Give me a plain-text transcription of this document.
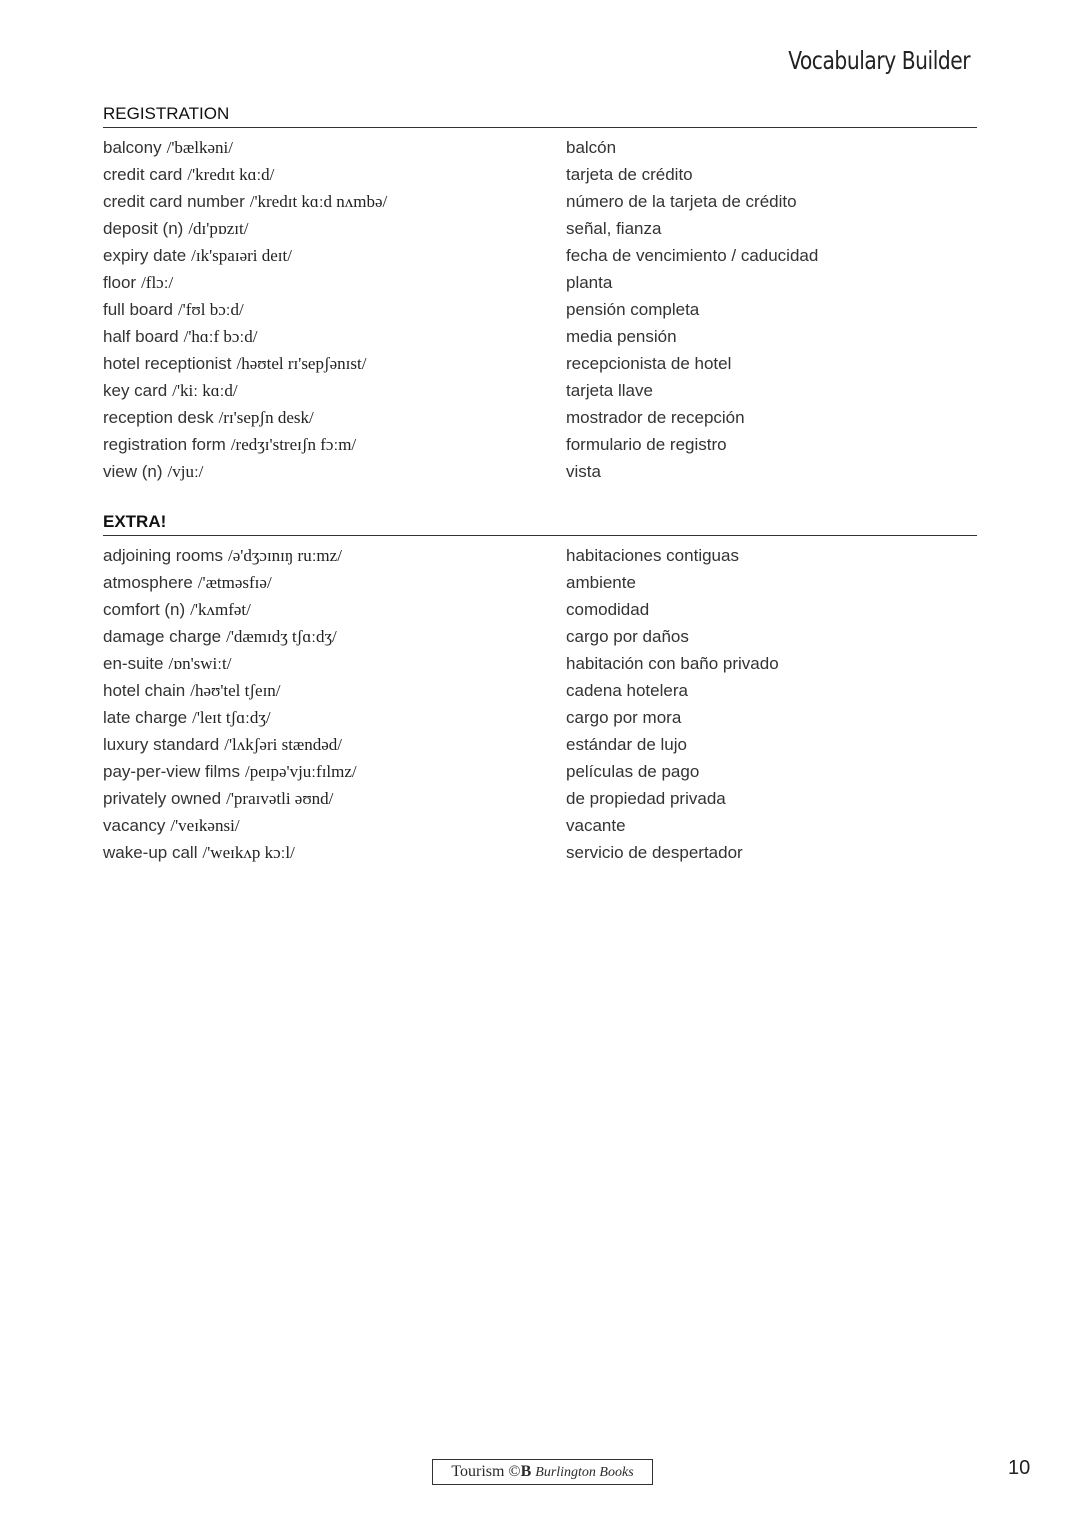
Vocabulary Builder
REGISTRATION
balcony /'bælkəni/	balcón
credit card /'kredɪt kɑːd/	tarjeta de crédito
credit card number /'kredɪt kɑːd nʌmbə/	número de la tarjeta de crédito
deposit (n) /dɪ'pɒzɪt/	señal, fianza
expiry date /ɪk'spaɪəri deɪt/	fecha de vencimiento / caducidad
floor /flɔː/	planta
full board /'fʊl bɔːd/	pensión completa
half board /'hɑːf bɔːd/	media pensión
hotel receptionist /həʊtel rɪ'sepʃənɪst/	recepcionista de hotel
key card /'kiː kɑːd/	tarjeta llave
reception desk /rɪ'sepʃn desk/	mostrador de recepción
registration form /redʒɪ'streɪʃn fɔːm/	formulario de registro
view (n) /vjuː/	vista
EXTRA!
adjoining rooms /ə'dʒɔɪnɪŋ ruːmz/	habitaciones contiguas
atmosphere /'ætməsfɪə/	ambiente
comfort (n) /'kʌmfət/	comodidad
damage charge /'dæmɪdʒ tʃɑːdʒ/	cargo por daños
en-suite /ɒn'swiːt/	habitación con baño privado
hotel chain /həʊ'tel tʃeɪn/	cadena hotelera
late charge /'leɪt tʃɑːdʒ/	cargo por mora
luxury standard /'lʌkʃəri stændəd/	estándar de lujo
pay-per-view films /peɪpə'vjuːfɪlmz/	películas de pago
privately owned /'praɪvətli əʊnd/	de propiedad privada
vacancy /'veɪkənsi/	vacante
wake-up call /'weɪkʌp kɔːl/	servicio de despertador
Tourism ©B Burlington Books	10
